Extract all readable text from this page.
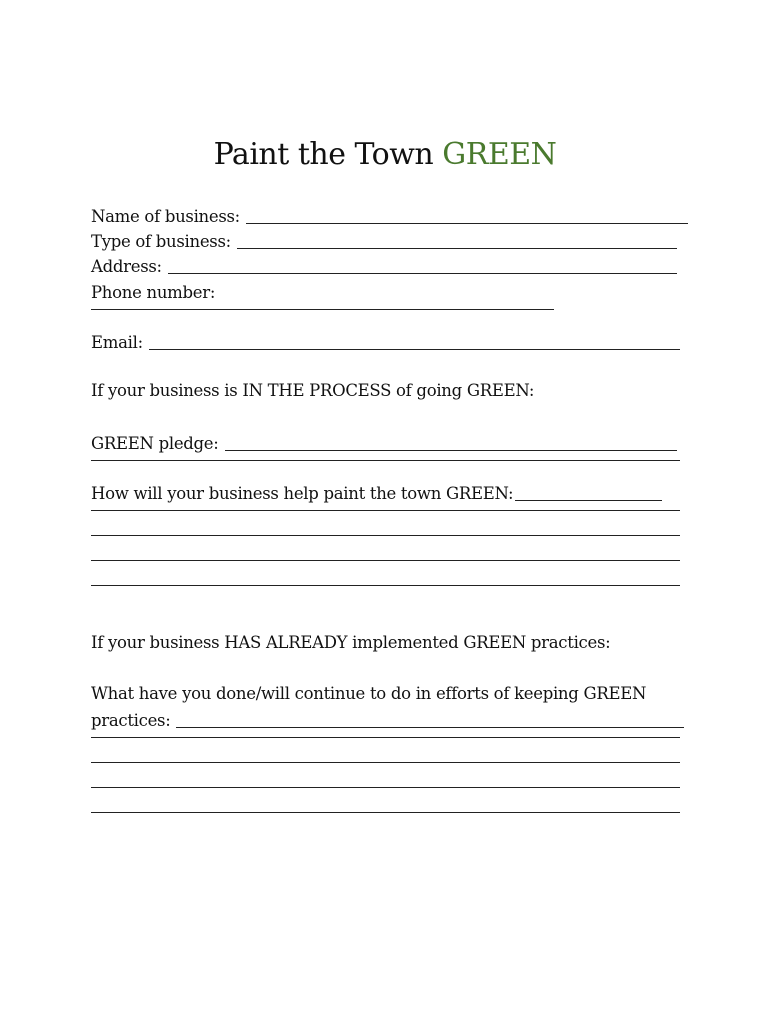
Paint the Town GREEN
Name of business:
Type of business:
Address:
Phone number:
Email:
If your business is IN THE PROCESS of going GREEN:
GREEN pledge:
How will your business help paint the town GREEN:
If your business HAS ALREADY implemented GREEN practices:
What have you done/will continue to do in efforts of keeping GREEN
practices:
